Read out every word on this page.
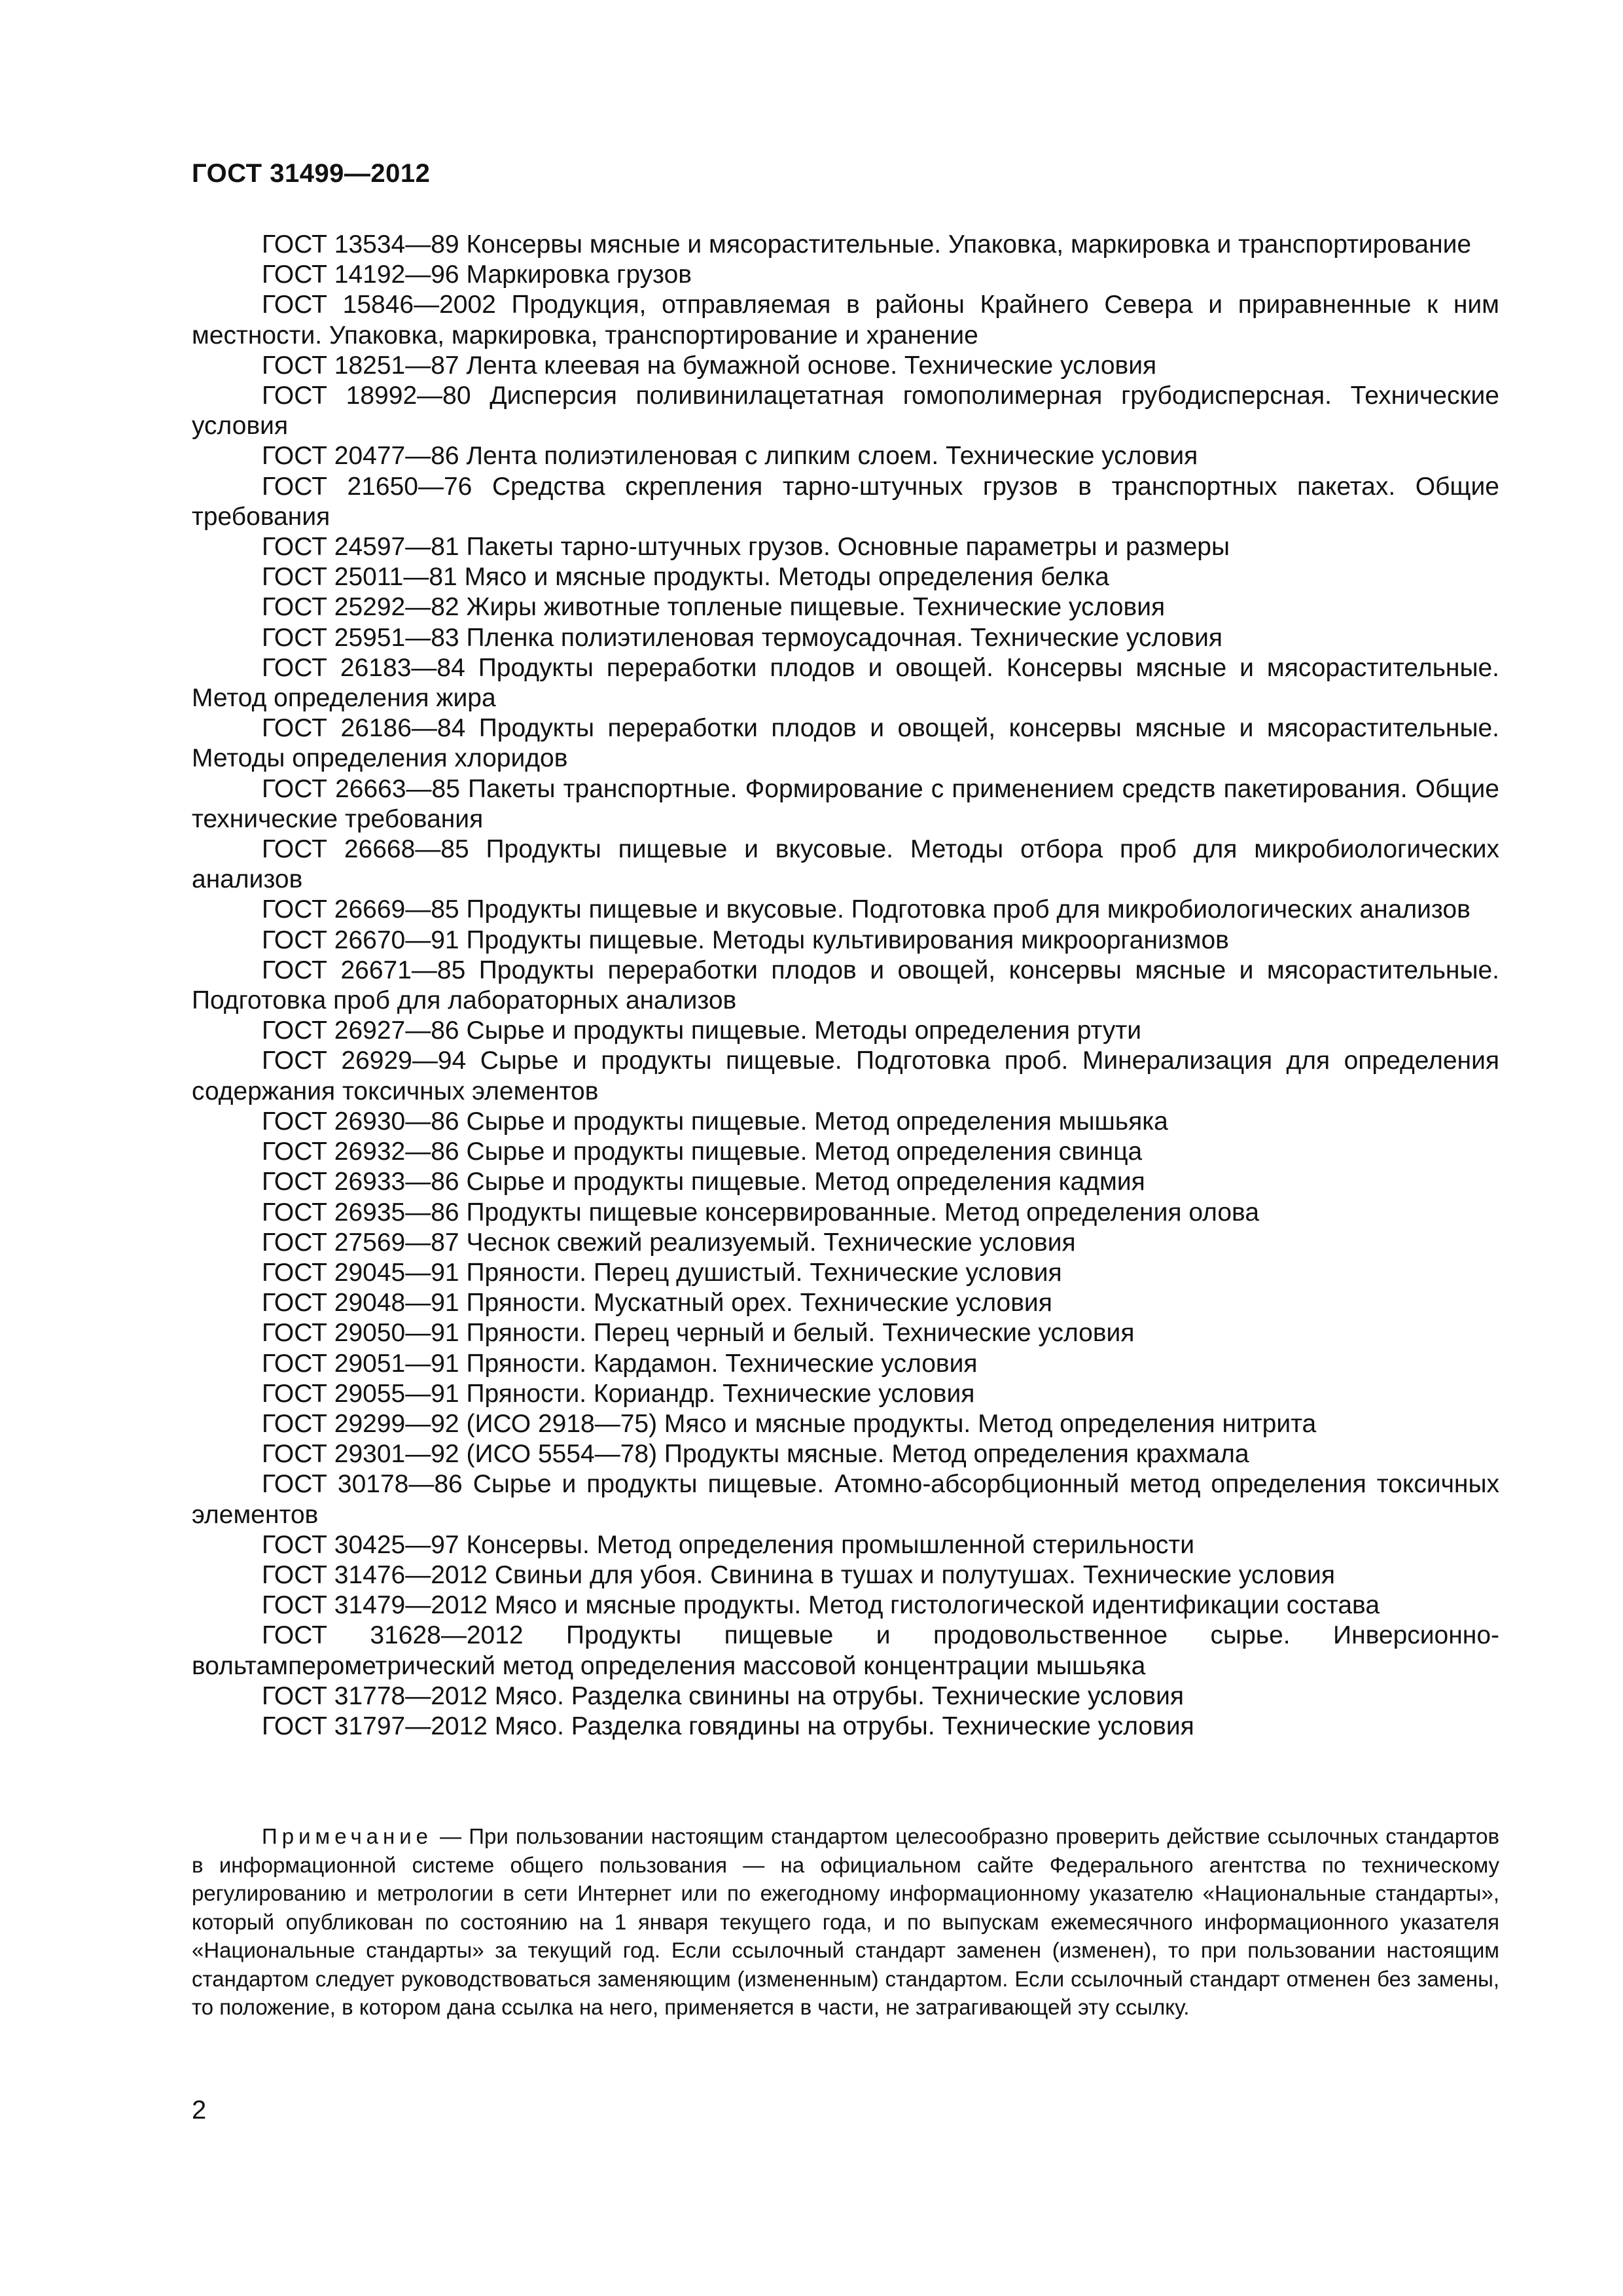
ГОСТ 31499—2012

ГОСТ 13534—89 Консервы мясные и мясорастительные. Упаковка, маркировка и транспортирование

ГОСТ 14192—96 Маркировка грузов

ГОСТ 15846—2002 Продукция, отправляемая в районы Крайнего Севера и приравненные к ним местности. Упаковка, маркировка, транспортирование и хранение

ГОСТ 18251—87 Лента клеевая на бумажной основе. Технические условия

ГОСТ 18992—80 Дисперсия поливинилацетатная гомополимерная грубодисперсная. Технические условия

ГОСТ 20477—86 Лента полиэтиленовая с липким слоем. Технические условия

ГОСТ 21650—76 Средства скрепления тарно-штучных грузов в транспортных пакетах. Общие требования

ГОСТ 24597—81 Пакеты тарно-штучных грузов. Основные параметры и размеры

ГОСТ 25011—81 Мясо и мясные продукты. Методы определения белка

ГОСТ 25292—82 Жиры животные топленые пищевые. Технические условия

ГОСТ 25951—83 Пленка полиэтиленовая термоусадочная. Технические условия

ГОСТ 26183—84 Продукты переработки плодов и овощей. Консервы мясные и мясорастительные. Метод определения жира

ГОСТ 26186—84 Продукты переработки плодов и овощей, консервы мясные и мясорастительные. Методы определения хлоридов

ГОСТ 26663—85 Пакеты транспортные. Формирование с применением средств пакетирования. Общие технические требования

ГОСТ 26668—85 Продукты пищевые и вкусовые. Методы отбора проб для микробиологических анализов

ГОСТ 26669—85 Продукты пищевые и вкусовые. Подготовка проб для микробиологических анализов

ГОСТ 26670—91 Продукты пищевые. Методы культивирования микроорганизмов

ГОСТ 26671—85 Продукты переработки плодов и овощей, консервы мясные и мясорастительные. Подготовка проб для лабораторных анализов

ГОСТ 26927—86 Сырье и продукты пищевые. Методы определения ртути

ГОСТ 26929—94 Сырье и продукты пищевые. Подготовка проб. Минерализация для определения содержания токсичных элементов

ГОСТ 26930—86 Сырье и продукты пищевые. Метод определения мышьяка

ГОСТ 26932—86 Сырье и продукты пищевые. Метод определения свинца

ГОСТ 26933—86 Сырье и продукты пищевые. Метод определения кадмия

ГОСТ 26935—86 Продукты пищевые консервированные. Метод определения олова

ГОСТ 27569—87 Чеснок свежий реализуемый. Технические условия

ГОСТ 29045—91 Пряности. Перец душистый. Технические условия

ГОСТ 29048—91 Пряности. Мускатный орех. Технические условия

ГОСТ 29050—91 Пряности. Перец черный и белый. Технические условия

ГОСТ 29051—91 Пряности. Кардамон. Технические условия

ГОСТ 29055—91 Пряности. Кориандр. Технические условия

ГОСТ 29299—92 (ИСО 2918—75) Мясо и мясные продукты. Метод определения нитрита

ГОСТ 29301—92 (ИСО 5554—78) Продукты мясные. Метод определения крахмала

ГОСТ 30178—86 Сырье и продукты пищевые. Атомно-абсорбционный метод определения токсичных элементов

ГОСТ 30425—97 Консервы. Метод определения промышленной стерильности

ГОСТ 31476—2012 Свиньи для убоя. Свинина в тушах и полутушах. Технические условия

ГОСТ 31479—2012 Мясо и мясные продукты. Метод гистологической идентификации состава

ГОСТ 31628—2012 Продукты пищевые и продовольственное сырье. Инверсионно-вольтамперометрический метод определения массовой концентрации мышьяка

ГОСТ 31778—2012 Мясо. Разделка свинины на отрубы. Технические условия

ГОСТ 31797—2012 Мясо. Разделка говядины на отрубы. Технические условия

Примечание — При пользовании настоящим стандартом целесообразно проверить действие ссылочных стандартов в информационной системе общего пользования — на официальном сайте Федерального агентства по техническому регулированию и метрологии в сети Интернет или по ежегодному информационному указателю «Национальные стандарты», который опубликован по состоянию на 1 января текущего года, и по выпускам ежемесячного информационного указателя «Национальные стандарты» за текущий год. Если ссылочный стандарт заменен (изменен), то при пользовании настоящим стандартом следует руководствоваться заменяющим (измененным) стандартом. Если ссылочный стандарт отменен без замены, то положение, в котором дана ссылка на него, применяется в части, не затрагивающей эту ссылку.

2
